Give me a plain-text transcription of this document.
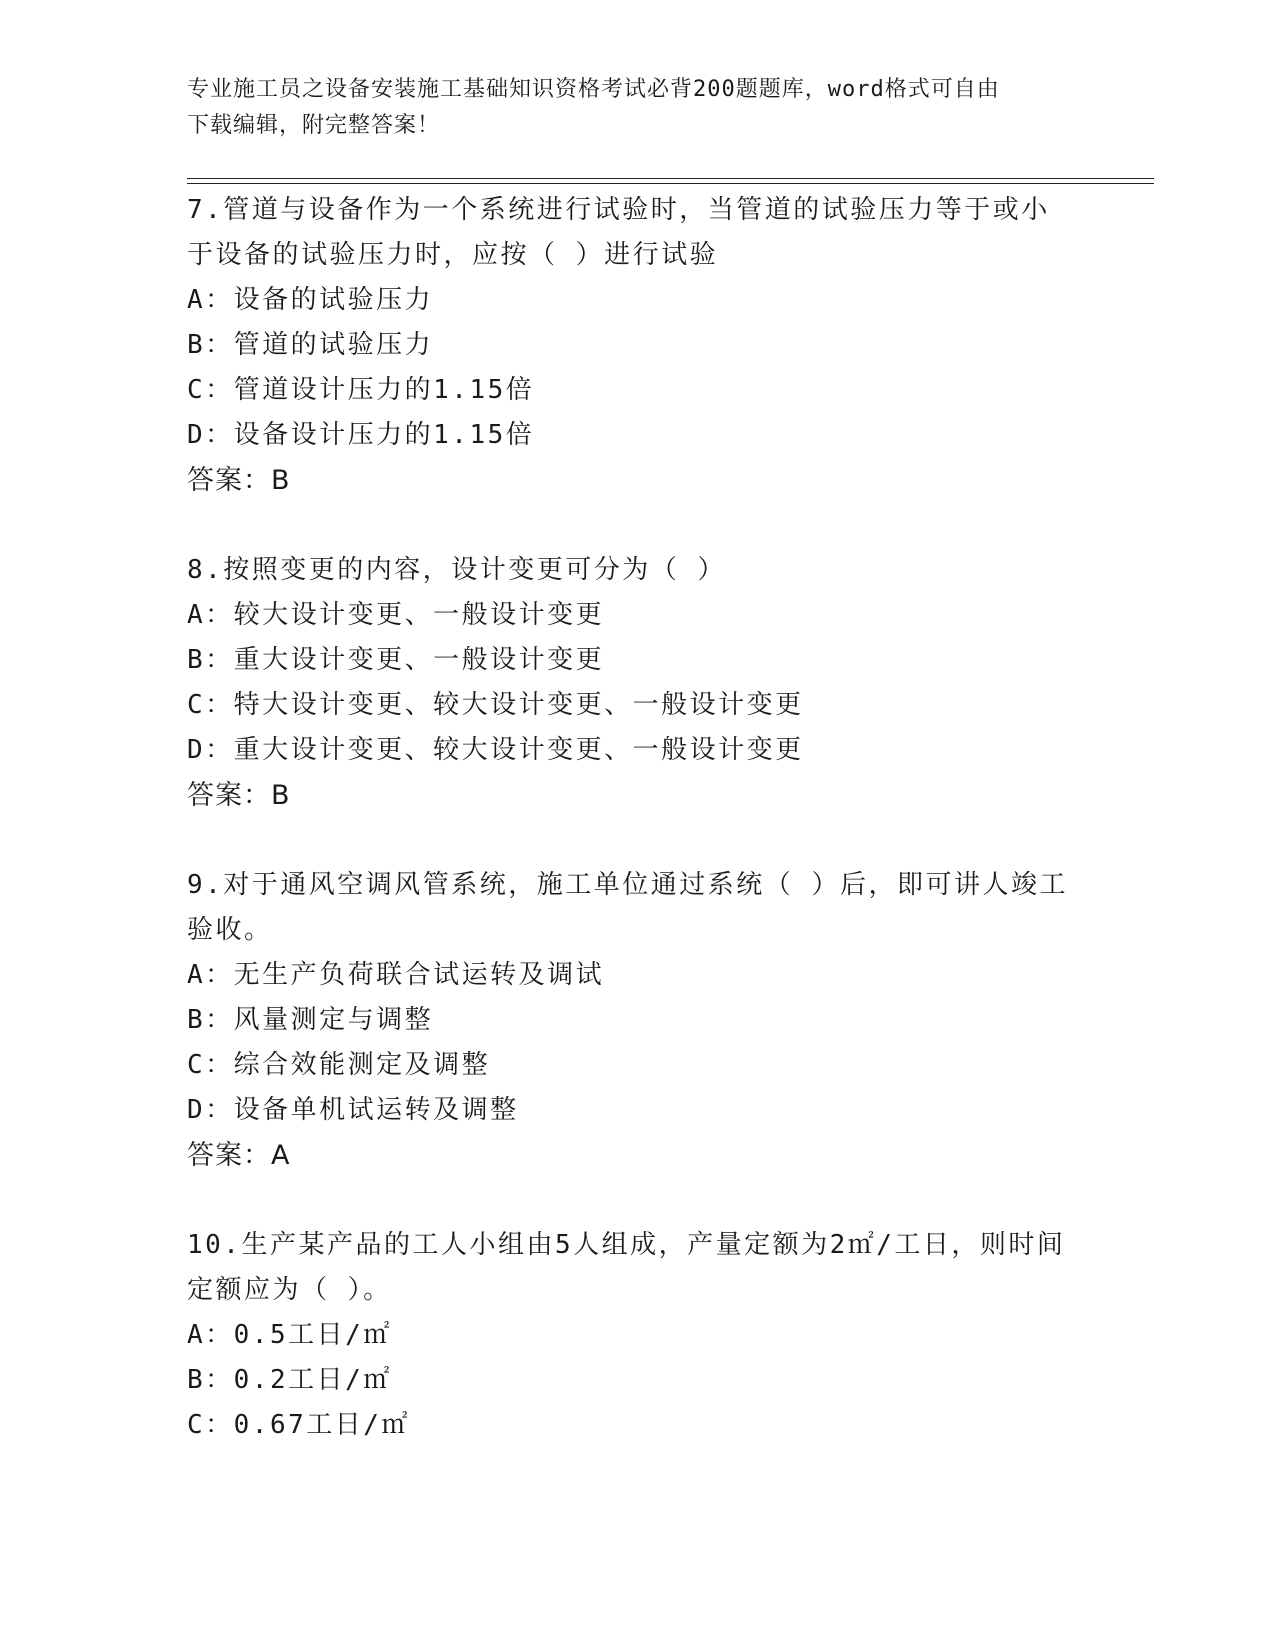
专业施工员之设备安装施工基础知识资格考试必背200题题库，word格式可自由
下载编辑，附完整答案！
7.管道与设备作为一个系统进行试验时，当管道的试验压力等于或小
于设备的试验压力时，应按（ ）进行试验
A：设备的试验压力
B：管道的试验压力
C：管道设计压力的1.15倍
D：设备设计压力的1.15倍
答案：B
8.按照变更的内容，设计变更可分为（ ）
A：较大设计变更、一般设计变更
B：重大设计变更、一般设计变更
C：特大设计变更、较大设计变更、一般设计变更
D：重大设计变更、较大设计变更、一般设计变更
答案：B
9.对于通风空调风管系统，施工单位通过系统（ ）后，即可讲人竣工
验收。
A：无生产负荷联合试运转及调试
B：风量测定与调整
C：综合效能测定及调整
D：设备单机试运转及调整
答案：A
10.生产某产品的工人小组由5人组成，产量定额为2㎡/工日，则时间
定额应为（ ）。
A：0.5工日/㎡
B：0.2工日/㎡
C：0.67工日/㎡
